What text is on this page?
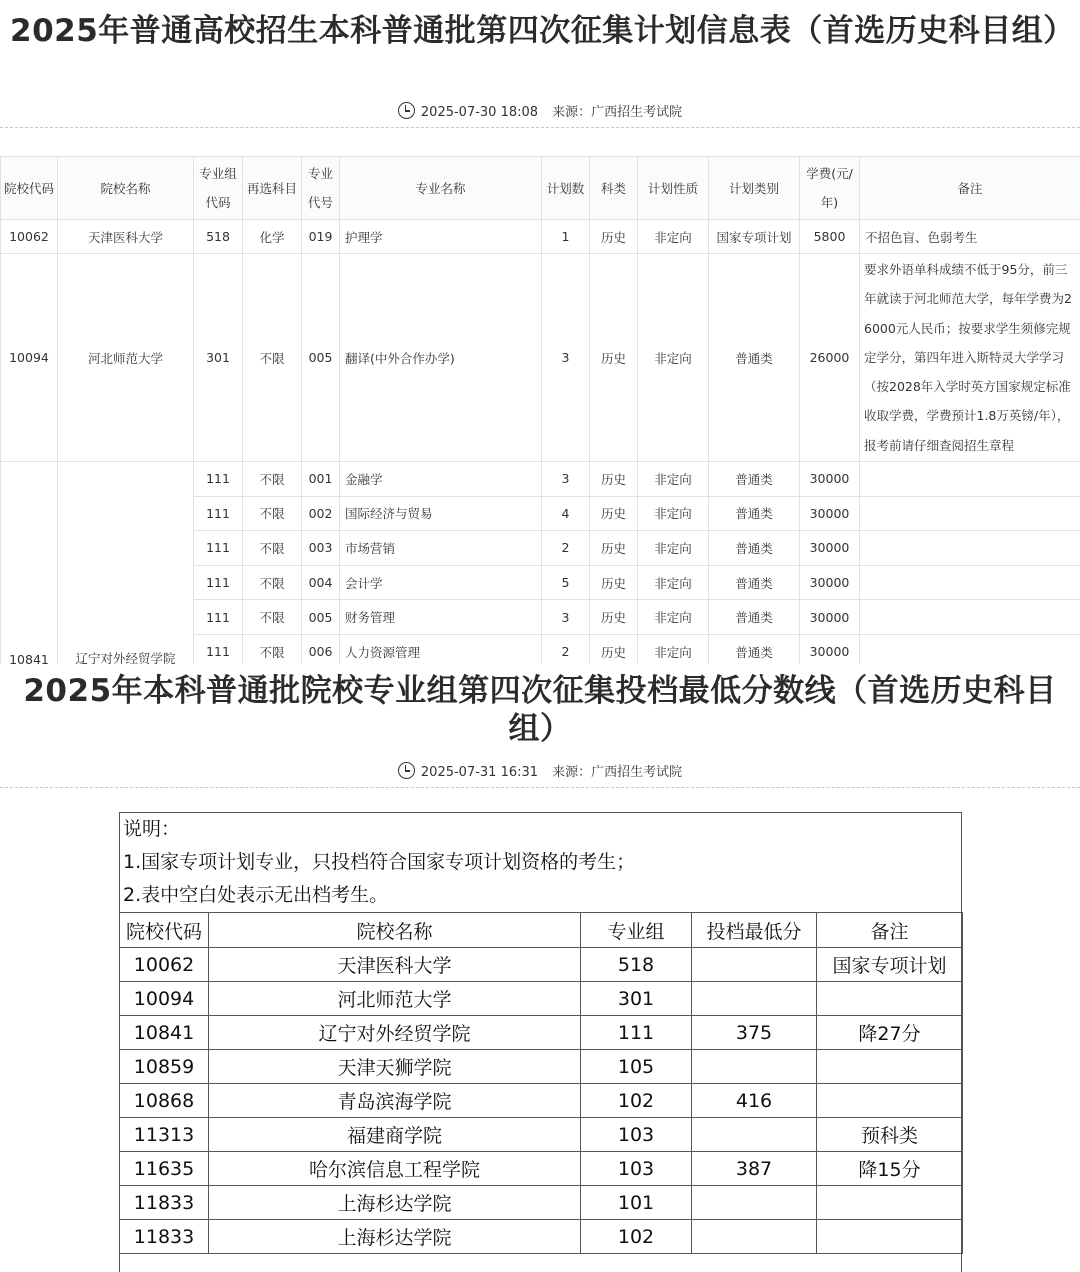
2025年普通高校招生本科普通批第四次征集计划信息表（首选历史科目组）
2025-07-30 18:08 来源：广西招生考试院
院校代码	院校名称	专业组代码	再选科目	专业代号	专业名称	计划数	科类	计划性质	计划类别	学费(元/年)	备注
10062	天津医科大学	518	化学	019	护理学	1	历史	非定向	国家专项计划	5800	不招色盲、色弱考生
10094	河北师范大学	301	不限	005	翻译(中外合作办学)	3	历史	非定向	普通类	26000	要求外语单科成绩不低于95分，前三年就读于河北师范大学，每年学费为26000元人民币；按要求学生须修完规定学分，第四年进入斯特灵大学学习（按2028年入学时英方国家规定标准收取学费，学费预计1.8万英镑/年），报考前请仔细查阅招生章程
10841	辽宁对外经贸学院	111	不限	001	金融学	3	历史	非定向	普通类	30000	
		111	不限	002	国际经济与贸易	4	历史	非定向	普通类	30000	
		111	不限	003	市场营销	2	历史	非定向	普通类	30000	
		111	不限	004	会计学	5	历史	非定向	普通类	30000	
		111	不限	005	财务管理	3	历史	非定向	普通类	30000	
		111	不限	006	人力资源管理	2	历史	非定向	普通类	30000	
2025年本科普通批院校专业组第四次征集投档最低分数线（首选历史科目组）
2025-07-31 16:31 来源：广西招生考试院
说明：
1.国家专项计划专业，只投档符合国家专项计划资格的考生；
2.表中空白处表示无出档考生。
院校代码	院校名称	专业组	投档最低分	备注
10062	天津医科大学	518		国家专项计划
10094	河北师范大学	301		
10841	辽宁对外经贸学院	111	375	降27分
10859	天津天狮学院	105		
10868	青岛滨海学院	102	416	
11313	福建商学院	103		预科类
11635	哈尔滨信息工程学院	103	387	降15分
11833	上海杉达学院	101		
11833	上海杉达学院	102		
